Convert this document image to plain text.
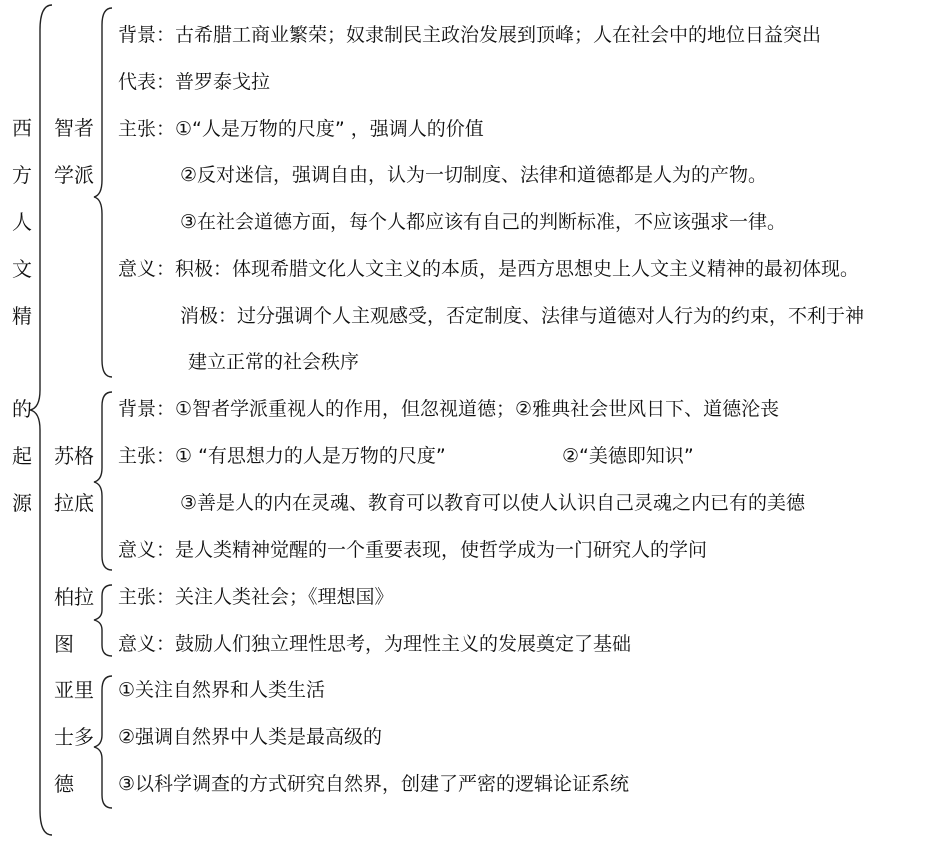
西
方
人
文
精
的
起
源
智者
学派
背景：古希腊工商业繁荣；奴隶制民主政治发展到顶峰；人在社会中的地位日益突出
代表：普罗泰戈拉
主张：①“人是万物的尺度” ，强调人的价值
②反对迷信，强调自由，认为一切制度、法律和道德都是人为的产物。
③在社会道德方面，每个人都应该有自己的判断标准，不应该强求一律。
意义：积极：体现希腊文化人文主义的本质，是西方思想史上人文主义精神的最初体现。
消极：过分强调个人主观感受，否定制度、法律与道德对人行为的约束，不利于神
建立正常的社会秩序
苏格
拉底
背景：①智者学派重视人的作用，但忽视道德；②雅典社会世风日下、道德沦丧
主张：① “有思想力的人是万物的尺度”	②“美德即知识”
③善是人的内在灵魂、教育可以教育可以使人认识自己灵魂之内已有的美德
意义：是人类精神觉醒的一个重要表现，使哲学成为一门研究人的学问
柏拉
图
主张：关注人类社会；《理想国》
意义：鼓励人们独立理性思考，为理性主义的发展奠定了基础
亚里
士多
德
①关注自然界和人类生活
②强调自然界中人类是最高级的
③以科学调查的方式研究自然界，创建了严密的逻辑论证系统
